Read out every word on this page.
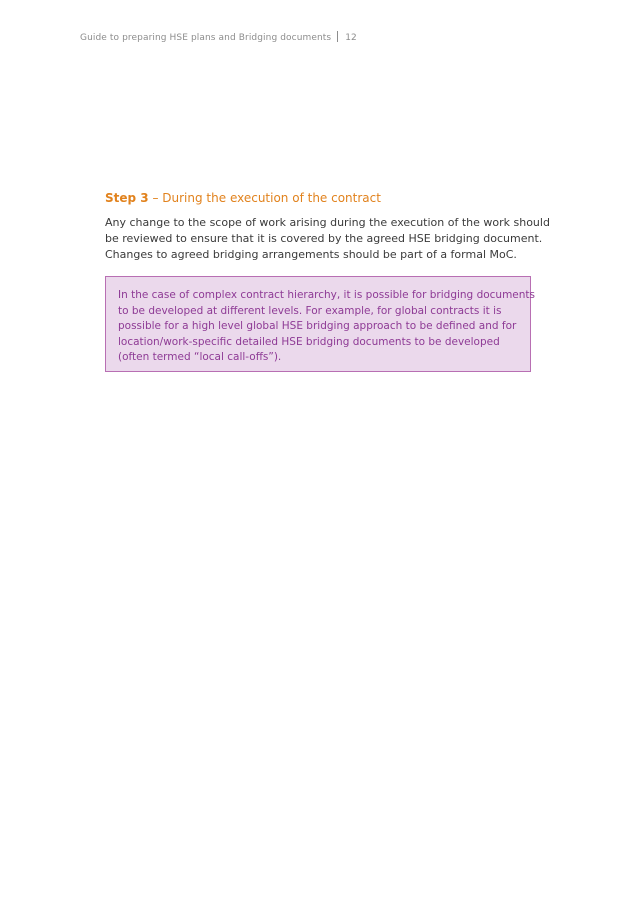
Guide to preparing HSE plans and Bridging documents 12
Step 3 – During the execution of the contract
Any change to the scope of work arising during the execution of the work should
be reviewed to ensure that it is covered by the agreed HSE bridging document.
Changes to agreed bridging arrangements should be part of a formal MoC.
In the case of complex contract hierarchy, it is possible for bridging documents
to be developed at different levels. For example, for global contracts it is
possible for a high level global HSE bridging approach to be defined and for
location/work-specific detailed HSE bridging documents to be developed
(often termed “local call-offs”).
